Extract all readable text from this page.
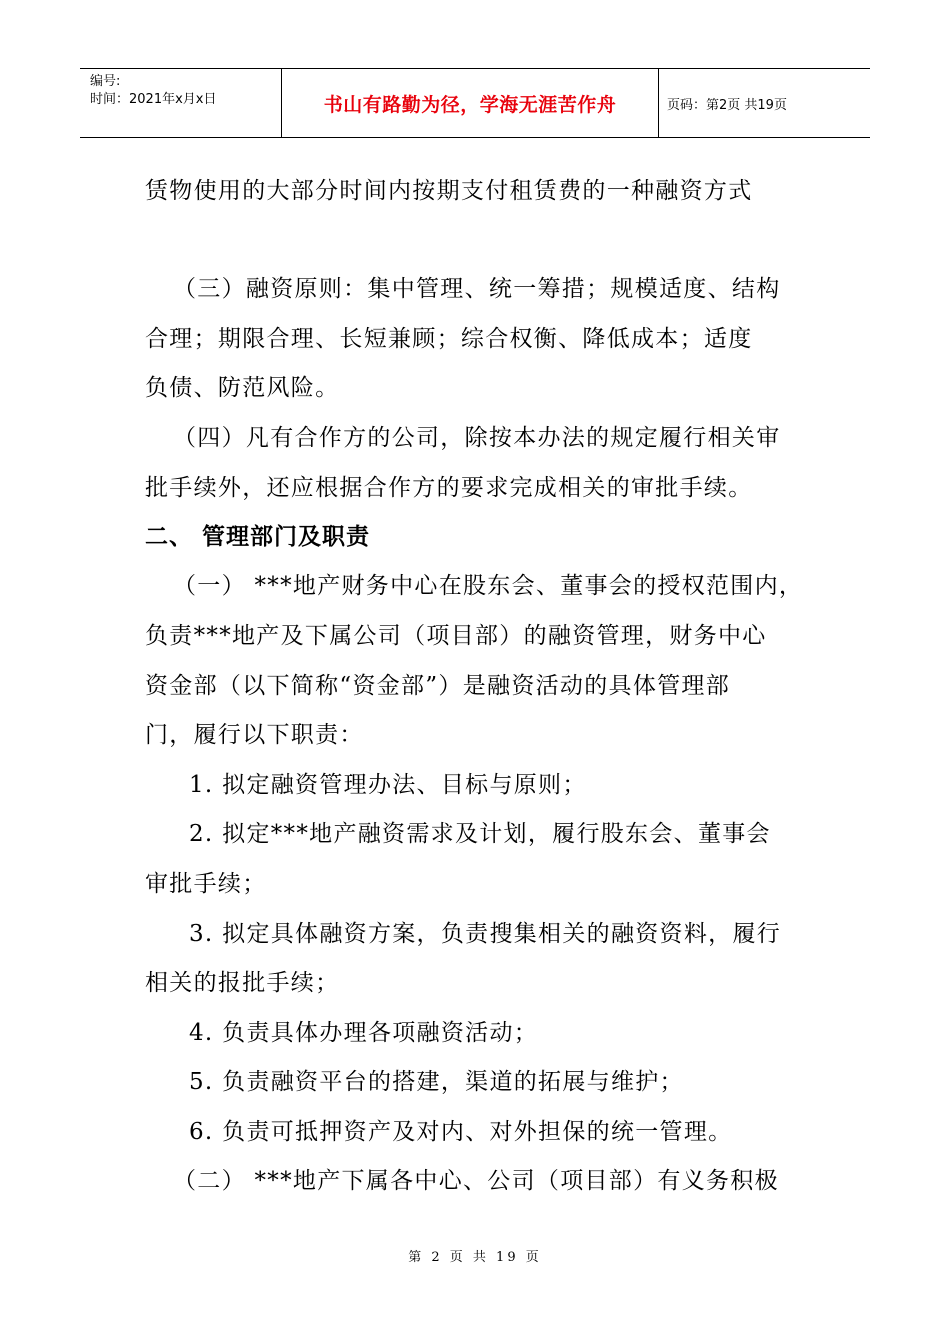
编号:
时间：2021年x月x日	书山有路勤为径，学海无涯苦作舟	页码：第2页 共19页
赁物使用的大部分时间内按期支付租赁费的一种融资方式
（三）融资原则：集中管理、统一筹措；规模适度、结构
合理；期限合理、长短兼顾；综合权衡、降低成本；适度
负债、防范风险。
（四）凡有合作方的公司，除按本办法的规定履行相关审
批手续外，还应根据合作方的要求完成相关的审批手续。
二、 管理部门及职责
（一） ***地产财务中心在股东会、董事会的授权范围内，
负责***地产及下属公司（项目部）的融资管理，财务中心
资金部（以下简称“资金部”）是融资活动的具体管理部
门，履行以下职责：
1. 拟定融资管理办法、目标与原则；
2. 拟定***地产融资需求及计划，履行股东会、董事会
审批手续；
3. 拟定具体融资方案，负责搜集相关的融资资料，履行
相关的报批手续；
4. 负责具体办理各项融资活动；
5. 负责融资平台的搭建，渠道的拓展与维护；
6. 负责可抵押资产及对内、对外担保的统一管理。
（二） ***地产下属各中心、公司（项目部）有义务积极
第 2 页 共 19 页
